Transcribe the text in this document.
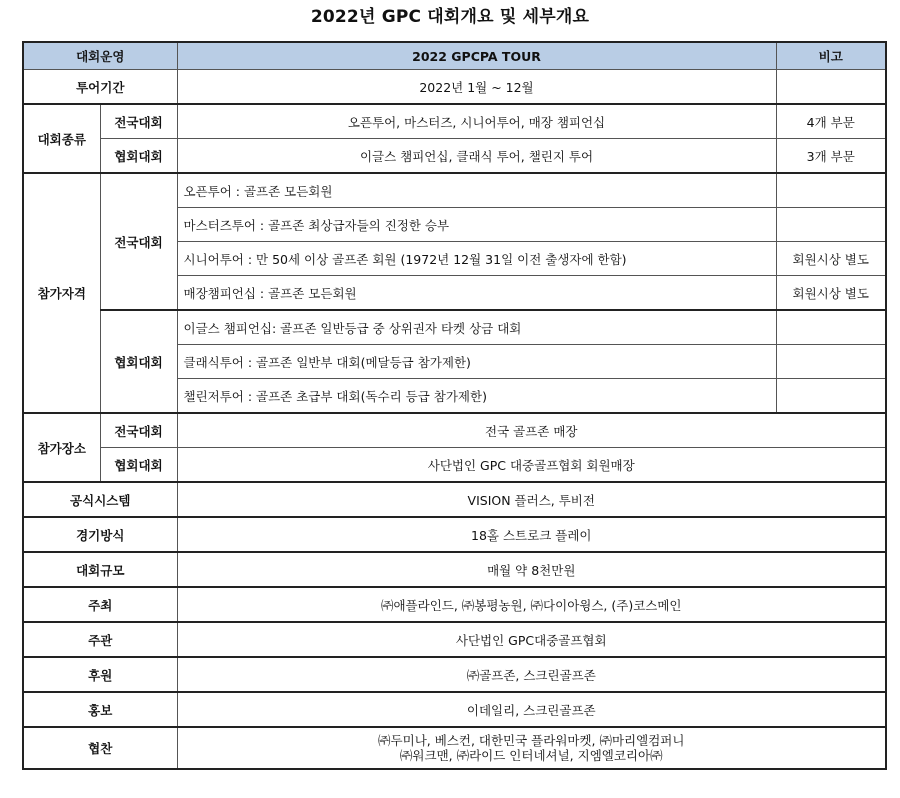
2022년 GPC 대회개요 및 세부개요
대회운영		2022 GPCPA TOUR	비고
투어기간		2022년 1월 ~ 12월	
대회종류	전국대회	오픈투어, 마스터즈, 시니어투어, 매장 챔피언십	4개 부문
	협회대회	이글스 챔피언십, 클래식 투어, 챌린지 투어	3개 부문
참가자격	전국대회	오픈투어 : 골프존 모든회원	
		마스터즈투어 : 골프존 최상급자들의 진정한 승부	
		시니어투어 : 만 50세 이상 골프존 회원 (1972년 12월 31일 이전 출생자에 한함)	회원시상 별도
		매장챔피언십 : 골프존 모든회원	회원시상 별도
	협회대회	이글스 챔피언십: 골프존 일반등급 중 상위권자 타켓 상금 대회	
		클래식투어 : 골프존 일반부 대회(메달등급 참가제한)	
		챌린저투어 : 골프존 초급부 대회(독수리 등급 참가제한)	
참가장소	전국대회	전국 골프존 매장	
	협회대회	사단법인 GPC 대중골프협회 회원매장	
공식시스템		VISION 플러스, 투비전	
경기방식		18홀 스트로크 플레이	
대회규모		매월 약 8천만원	
주최		㈜애플라인드, ㈜봉평농원, ㈜다이아윙스, (주)코스메인	
주관		사단법인 GPC대중골프협회	
후원		㈜골프존, 스크린골프존	
홍보		이데일리, 스크린골프존	
협찬		㈜두미나, 베스컨, 대한민국 플라워마켓, ㈜마리엘컴퍼니
㈜워크맨, ㈜라이드 인터네셔널, 지엠엘코리아㈜	
